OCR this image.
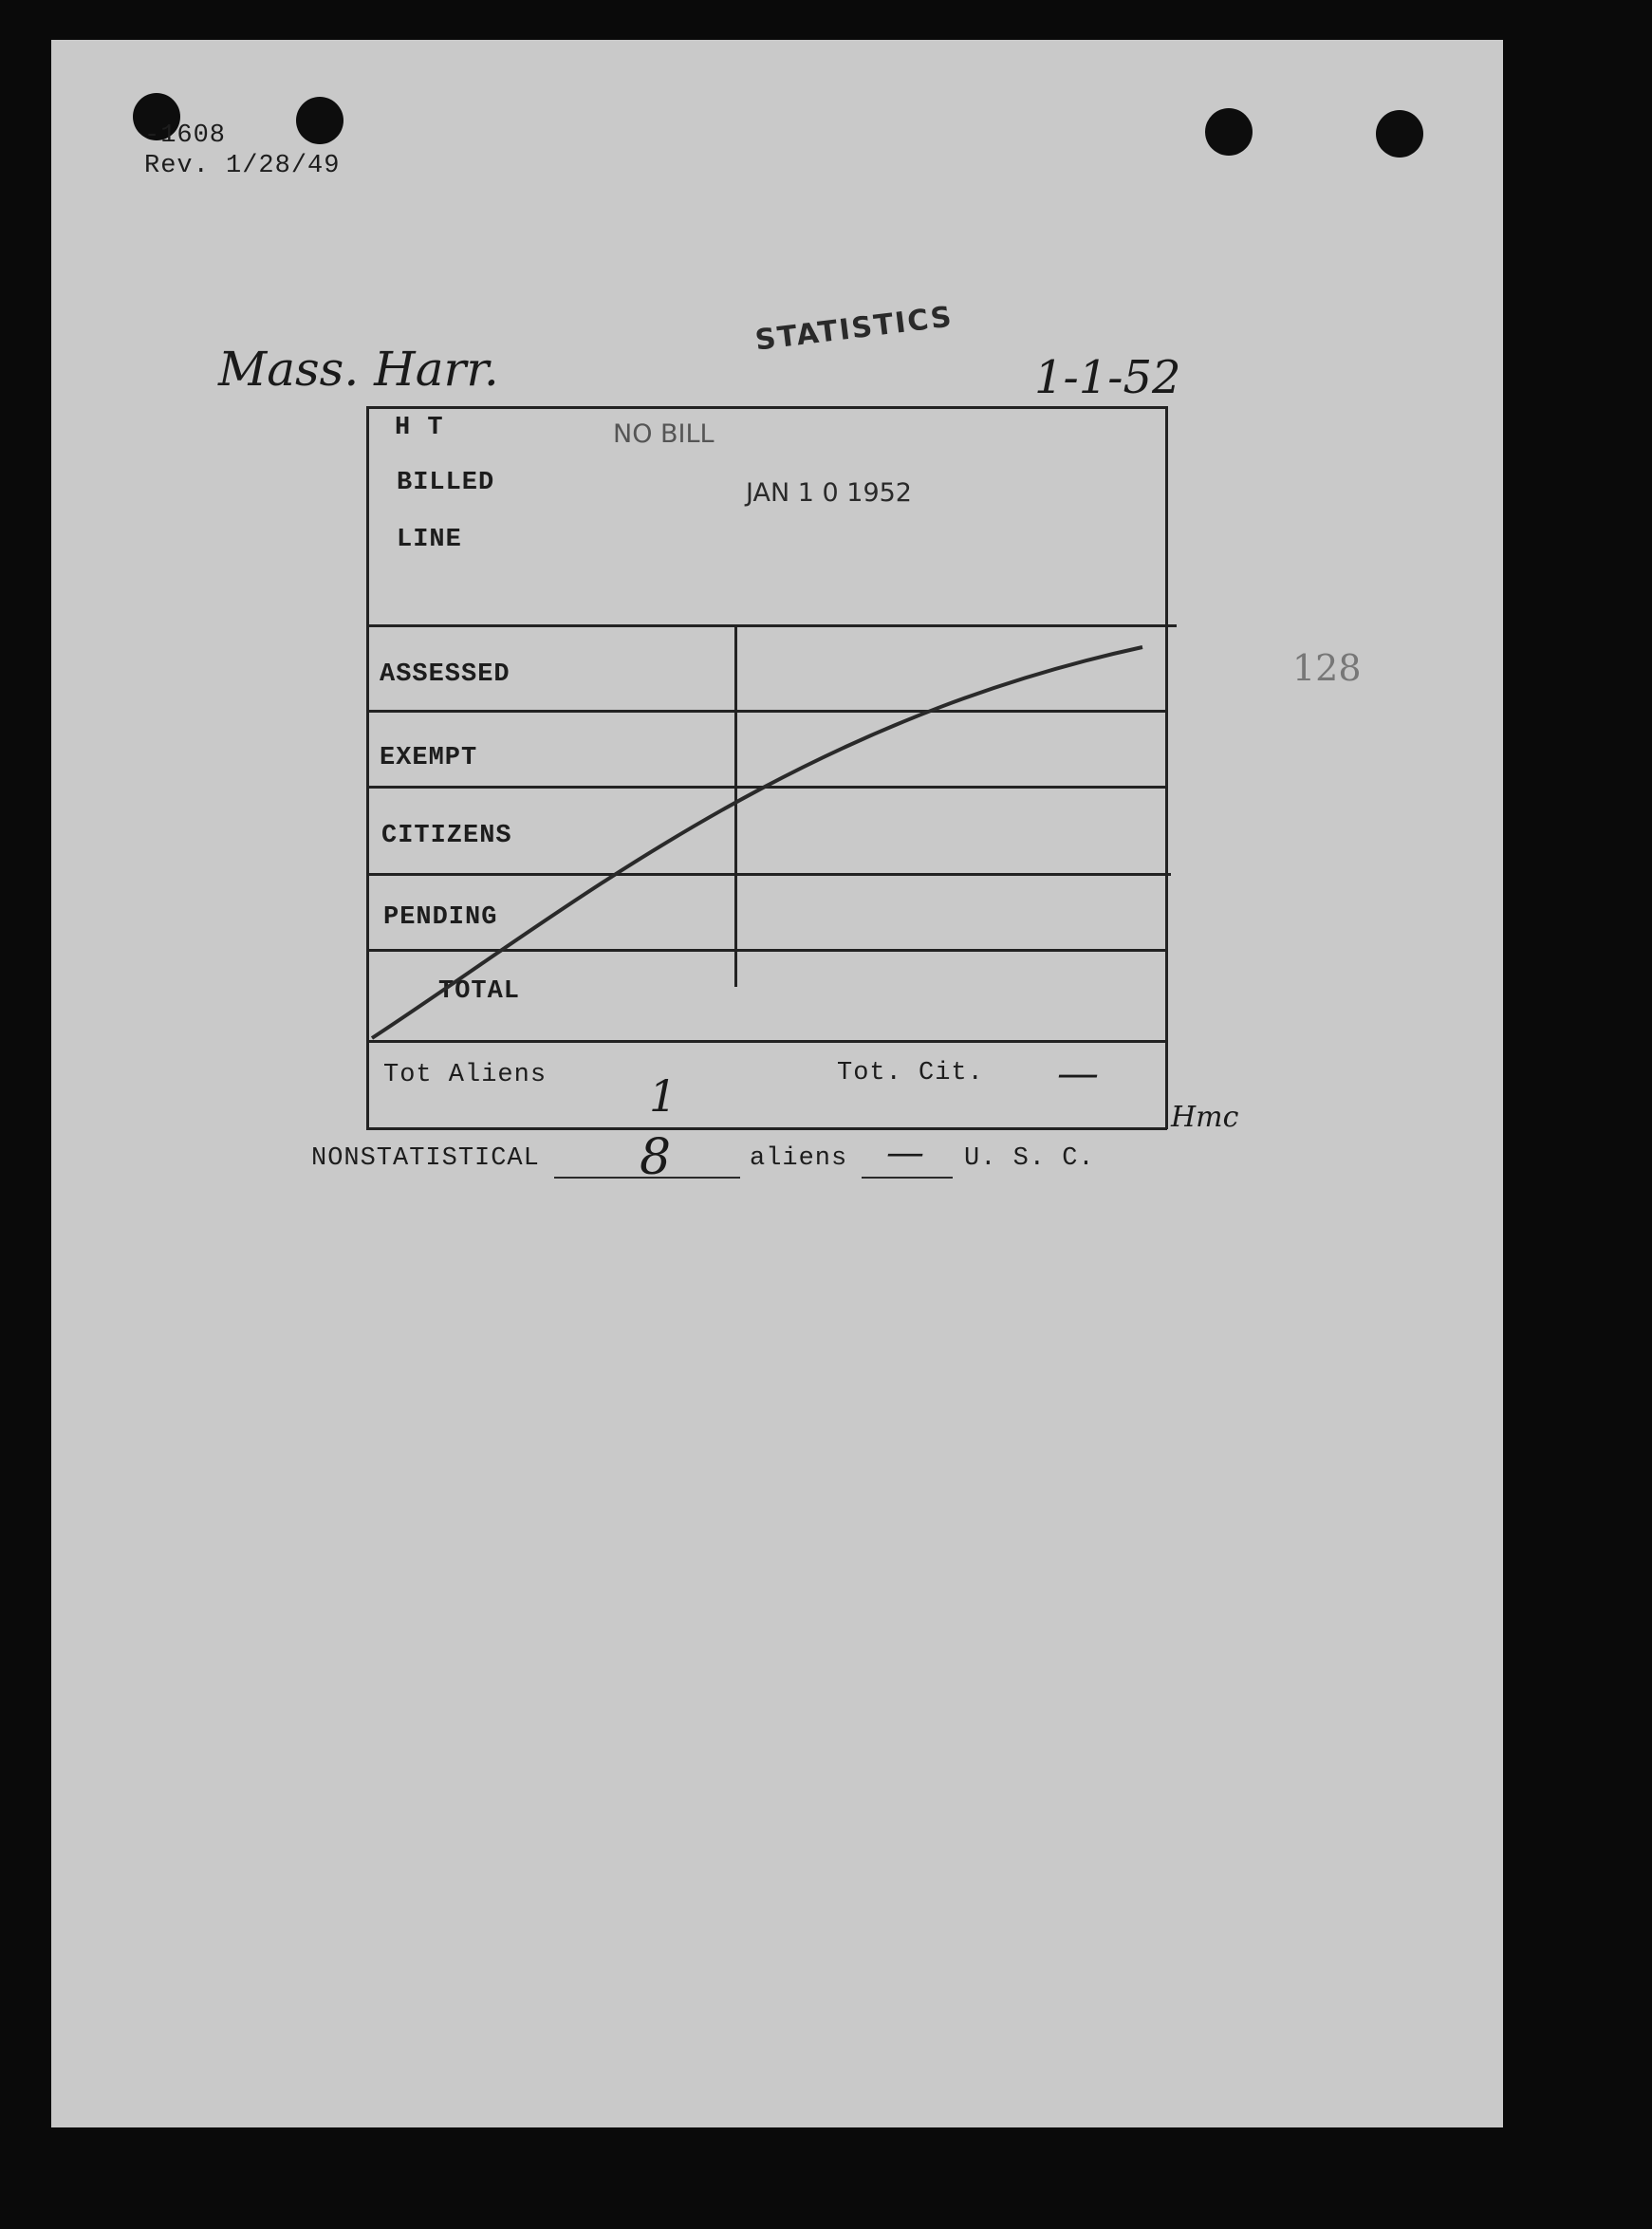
-1608
Rev. 1/28/49
Mass. Harr.
STATISTICS
1-1-52
H T
BILLED
LINE
NO BILL
JAN 1 0 1952
ASSESSED
EXEMPT
CITIZENS
PENDING
TOTAL
Tot Aliens	Tot. Cit. —
128
Hmc
NONSTATISTICAL
1
8	aliens — U. S. C.
